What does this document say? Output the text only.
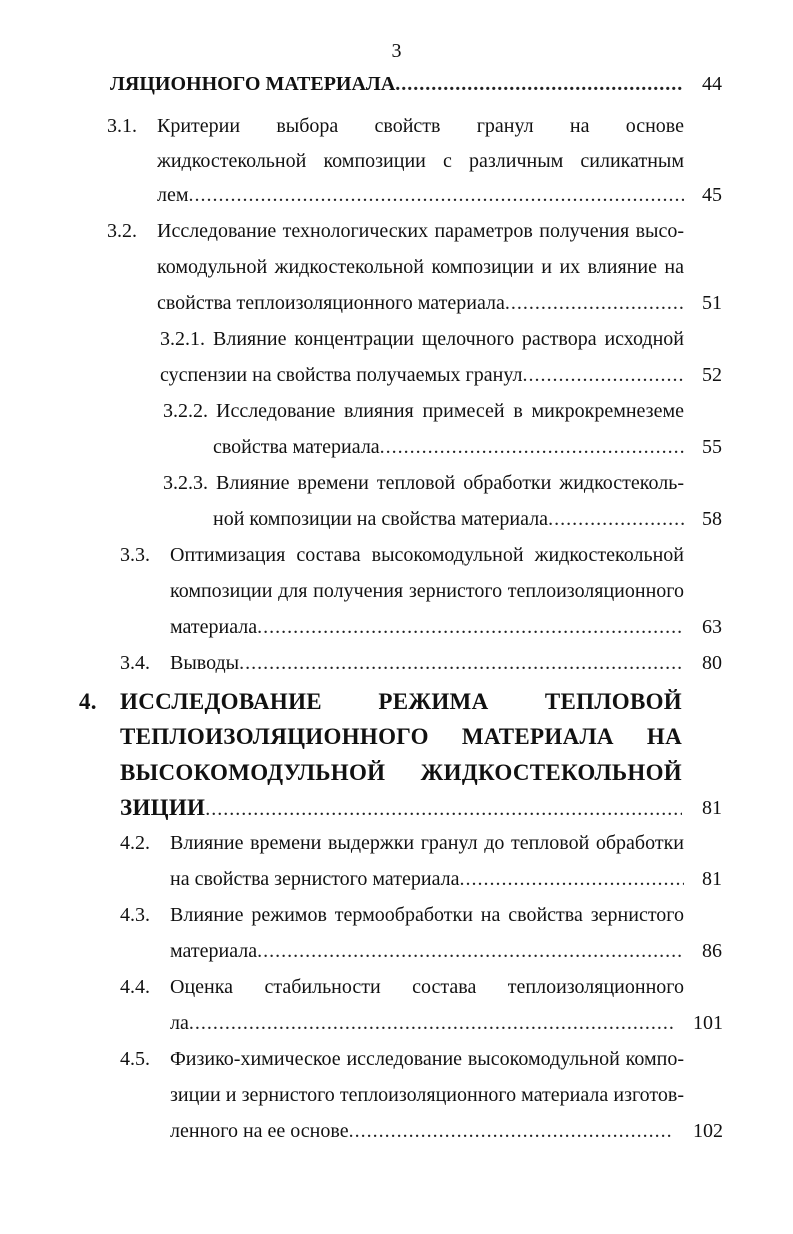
3
ЛЯЦИОННОГО МАТЕРИАЛА .....	44
3.1. Критерии выбора свойств гранул на основе
жидкостекольной композиции с различным силикатным
лем .....	45
3.2. Исследование технологических параметров получения высо-
комодульной жидкостекольной композиции и их влияние на
свойства теплоизоляционного материала .....	51
3.2.1. Влияние концентрации щелочного раствора исходной
суспензии на свойства получаемых гранул .....	52
3.2.2. Исследование влияния примесей в микрокремнеземе
свойства материала .....	55
3.2.3. Влияние времени тепловой обработки жидкостеколь-
ной композиции на свойства материала .....	58
3.3. Оптимизация состава высокомодульной жидкостекольной
композиции для получения зернистого теплоизоляционного
материала .....	63
3.4. Выводы .....	80
4. ИССЛЕДОВАНИЕ РЕЖИМА ТЕПЛОВОЙ
ТЕПЛОИЗОЛЯЦИОННОГО МАТЕРИАЛА НА
ВЫСОКОМОДУЛЬНОЙ ЖИДКОСТЕКОЛЬНОЙ
ЗИЦИИ .....	81
4.2. Влияние времени выдержки гранул до тепловой обработки
на свойства зернистого материала .....	81
4.3. Влияние режимов термообработки на свойства зернистого
материала .....	86
4.4. Оценка стабильности состава теплоизоляционного
ла .....	101
4.5. Физико-химическое исследование высокомодульной компо-
зиции и зернистого теплоизоляционного материала изготов-
ленного на ее основе .....	102
